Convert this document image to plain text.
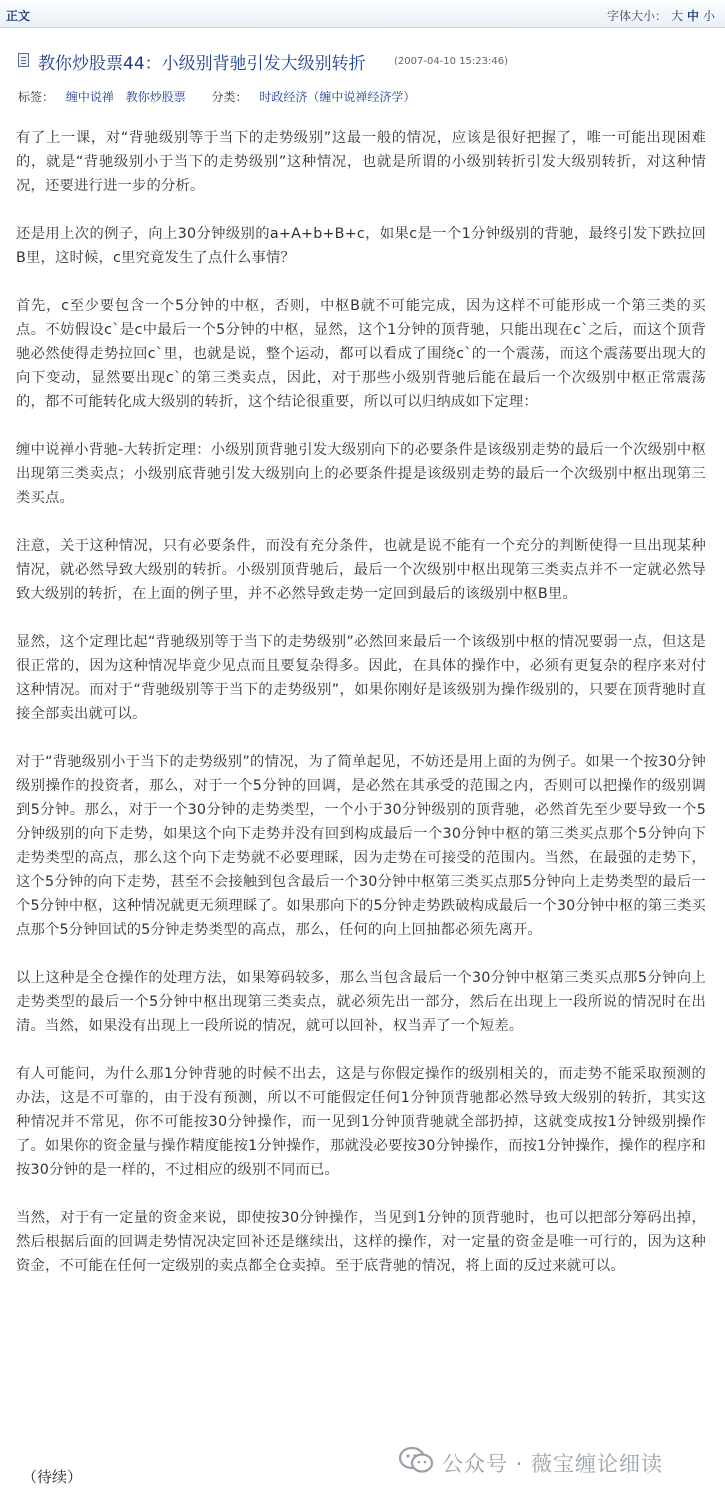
正文	字体大小： 大 中 小
教你炒股票44：小级别背驰引发大级别转折	(2007-04-10 15:23:46)
标签： 缠中说禅 教你炒股票 分类： 时政经济（缠中说禅经济学）

有了上一课，对“背驰级别等于当下的走势级别”这最一般的情况，应该是很好把握了，唯一可能出现困难的，就是“背驰级别小于当下的走势级别”这种情况，也就是所谓的小级别转折引发大级别转折，对这种情况，还要进行进一步的分析。

还是用上次的例子，向上30分钟级别的a+A+b+B+c，如果c是一个1分钟级别的背驰，最终引发下跌拉回B里，这时候，c里究竟发生了点什么事情？

首先，c至少要包含一个5分钟的中枢，否则，中枢B就不可能完成，因为这样不可能形成一个第三类的买点。不妨假设c`是c中最后一个5分钟的中枢，显然，这个1分钟的顶背驰，只能出现在c`之后，而这个顶背驰必然使得走势拉回c`里，也就是说，整个运动，都可以看成了围绕c`的一个震荡，而这个震荡要出现大的向下变动，显然要出现c`的第三类卖点，因此，对于那些小级别背驰后能在最后一个次级别中枢正常震荡的，都不可能转化成大级别的转折，这个结论很重要，所以可以归纳成如下定理：

缠中说禅小背驰-大转折定理：小级别顶背驰引发大级别向下的必要条件是该级别走势的最后一个次级别中枢出现第三类卖点；小级别底背驰引发大级别向上的必要条件提是该级别走势的最后一个次级别中枢出现第三类买点。

注意，关于这种情况，只有必要条件，而没有充分条件，也就是说不能有一个充分的判断使得一旦出现某种情况，就必然导致大级别的转折。小级别顶背驰后，最后一个次级别中枢出现第三类卖点并不一定就必然导致大级别的转折，在上面的例子里，并不必然导致走势一定回到最后的该级别中枢B里。

显然，这个定理比起“背驰级别等于当下的走势级别”必然回来最后一个该级别中枢的情况要弱一点，但这是很正常的，因为这种情况毕竟少见点而且要复杂得多。因此，在具体的操作中，必须有更复杂的程序来对付这种情况。而对于“背驰级别等于当下的走势级别”，如果你刚好是该级别为操作级别的，只要在顶背驰时直接全部卖出就可以。

对于“背驰级别小于当下的走势级别”的情况，为了简单起见，不妨还是用上面的为例子。如果一个按30分钟级别操作的投资者，那么，对于一个5分钟的回调，是必然在其承受的范围之内，否则可以把操作的级别调到5分钟。那么，对于一个30分钟的走势类型，一个小于30分钟级别的顶背驰，必然首先至少要导致一个5分钟级别的向下走势，如果这个向下走势并没有回到构成最后一个30分钟中枢的第三类买点那个5分钟向下走势类型的高点，那么这个向下走势就不必要理睬，因为走势在可接受的范围内。当然，在最强的走势下，这个5分钟的向下走势，甚至不会接触到包含最后一个30分钟中枢第三类买点那5分钟向上走势类型的最后一个5分钟中枢，这种情况就更无须理睬了。如果那向下的5分钟走势跌破构成最后一个30分钟中枢的第三类买点那个5分钟回试的5分钟走势类型的高点，那么，任何的向上回抽都必须先离开。

以上这种是全仓操作的处理方法，如果筹码较多，那么当包含最后一个30分钟中枢第三类买点那5分钟向上走势类型的最后一个5分钟中枢出现第三类卖点，就必须先出一部分，然后在出现上一段所说的情况时在出清。当然，如果没有出现上一段所说的情况，就可以回补，权当弄了一个短差。

有人可能问，为什么那1分钟背驰的时候不出去，这是与你假定操作的级别相关的，而走势不能采取预测的办法，这是不可靠的，由于没有预测，所以不可能假定任何1分钟顶背驰都必然导致大级别的转折，其实这种情况并不常见，你不可能按30分钟操作，而一见到1分钟顶背驰就全部扔掉，这就变成按1分钟级别操作了。如果你的资金量与操作精度能按1分钟操作，那就没必要按30分钟操作，而按1分钟操作，操作的程序和按30分钟的是一样的，不过相应的级别不同而已。

当然，对于有一定量的资金来说，即使按30分钟操作，当见到1分钟的顶背驰时，也可以把部分筹码出掉，然后根据后面的回调走势情况决定回补还是继续出，这样的操作，对一定量的资金是唯一可行的，因为这种资金，不可能在任何一定级别的卖点都全仓卖掉。至于底背驰的情况，将上面的反过来就可以。

公众号 · 薇宝缠论细读
（待续）
